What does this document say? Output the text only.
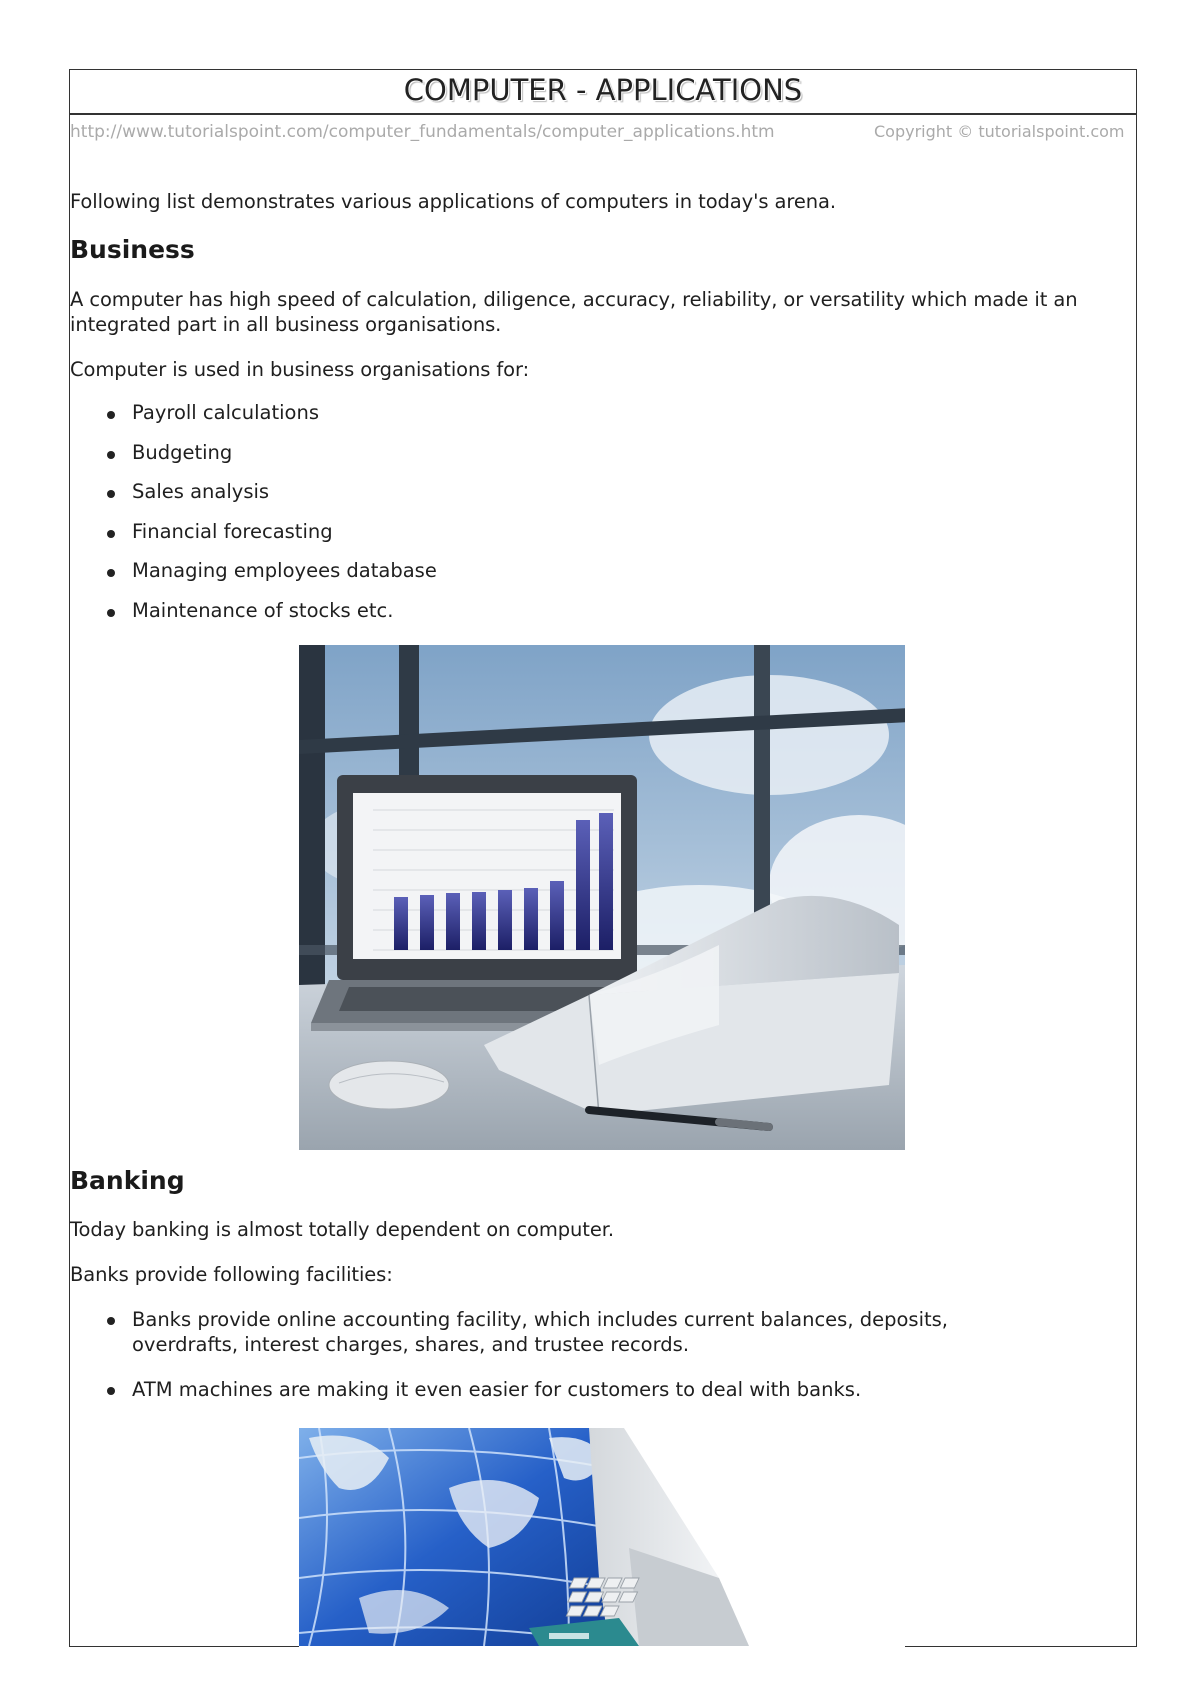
COMPUTER - APPLICATIONS
http://www.tutorialspoint.com/computer_fundamentals/computer_applications.htm	Copyright © tutorialspoint.com
Following list demonstrates various applications of computers in today's arena.
Business
A computer has high speed of calculation, diligence, accuracy, reliability, or versatility which made it an integrated part in all business organisations.
Computer is used in business organisations for:
Payroll calculations
Budgeting
Sales analysis
Financial forecasting
Managing employees database
Maintenance of stocks etc.
Banking
Today banking is almost totally dependent on computer.
Banks provide following facilities:
Banks provide online accounting facility, which includes current balances, deposits, overdrafts, interest charges, shares, and trustee records.
ATM machines are making it even easier for customers to deal with banks.
